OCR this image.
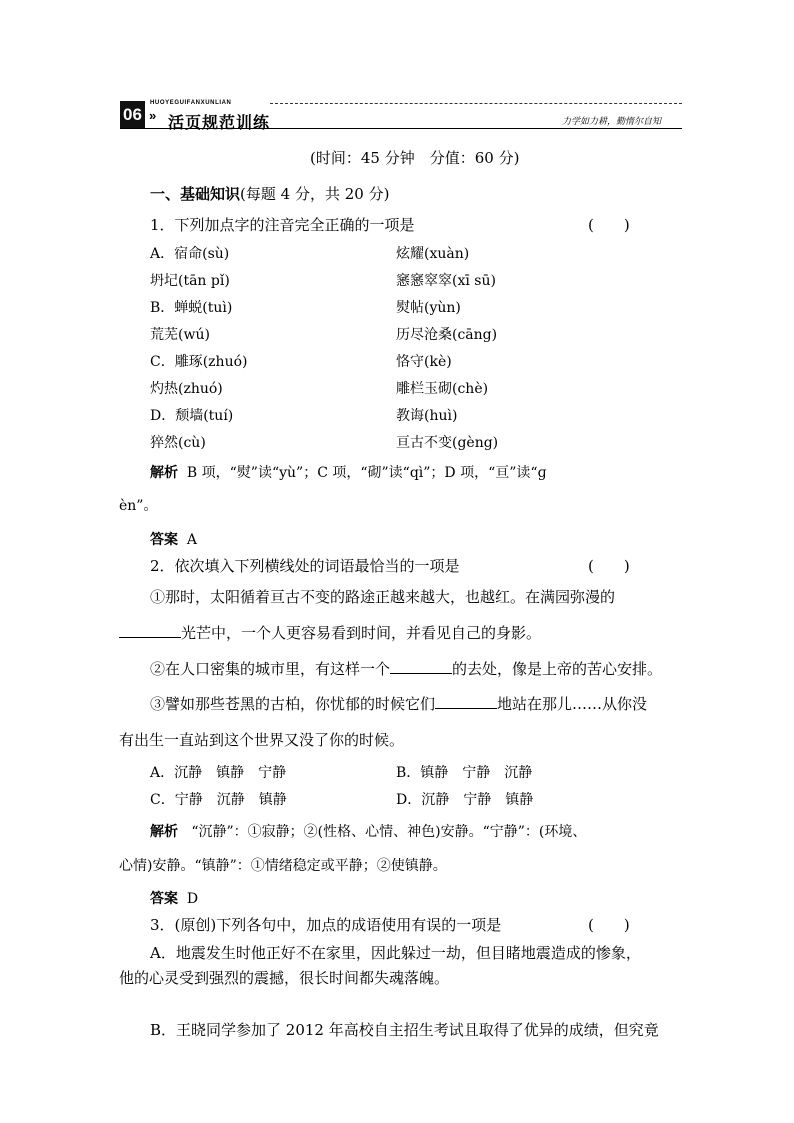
06
HUOYEGUIFANXUNLIAN
» 活页规范训练	力学如力耕，勤惰尔自知
(时间：45 分钟　分值：60 分)
一、基础知识(每题 4 分，共 20 分)
1．下列加点字的注音完全正确的一项是	(　　)
A．宿命(sù)	炫耀(xuàn)
坍圮(tān pǐ)	窸窸窣窣(xī sū)
B．蝉蜕(tuì)	熨帖(yùn)
荒芜(wú)	历尽沧桑(cāng)
C．雕琢(zhuó)	恪守(kè)
灼热(zhuó)	雕栏玉砌(chè)
D．颓墙(tuí)	教诲(huì)
猝然(cù)	亘古不变(gèng)
解析 B 项，“熨”读“yù”；C 项，“砌”读“qì”；D 项，“亘”读“ɡ
èn”。
答案 A
2．依次填入下列横线处的词语最恰当的一项是	(　　)
①那时，太阳循着亘古不变的路途正越来越大，也越红。在满园弥漫的
光芒中，一个人更容易看到时间，并看见自己的身影。
②在人口密集的城市里，有这样一个	的去处，像是上帝的苦心安排。
③譬如那些苍黑的古柏，你忧郁的时候它们	地站在那儿……从你没
有出生一直站到这个世界又没了你的时候。
A．沉静　镇静　宁静	B．镇静　宁静　沉静
C．宁静　沉静　镇静	D．沉静　宁静　镇静
解析 “沉静”：①寂静；②(性格、心情、神色)安静。“宁静”：(环境、
心情)安静。“镇静”：①情绪稳定或平静；②使镇静。
答案 D
3．(原创)下列各句中，加点的成语使用有误的一项是	(　　)
A．地震发生时他正好不在家里，因此躲过一劫，但目睹地震造成的惨象，
他的心灵受到强烈的震撼，很长时间都失魂落魄。
B．王晓同学参加了 2012 年高校自主招生考试且取得了优异的成绩，但究竟
